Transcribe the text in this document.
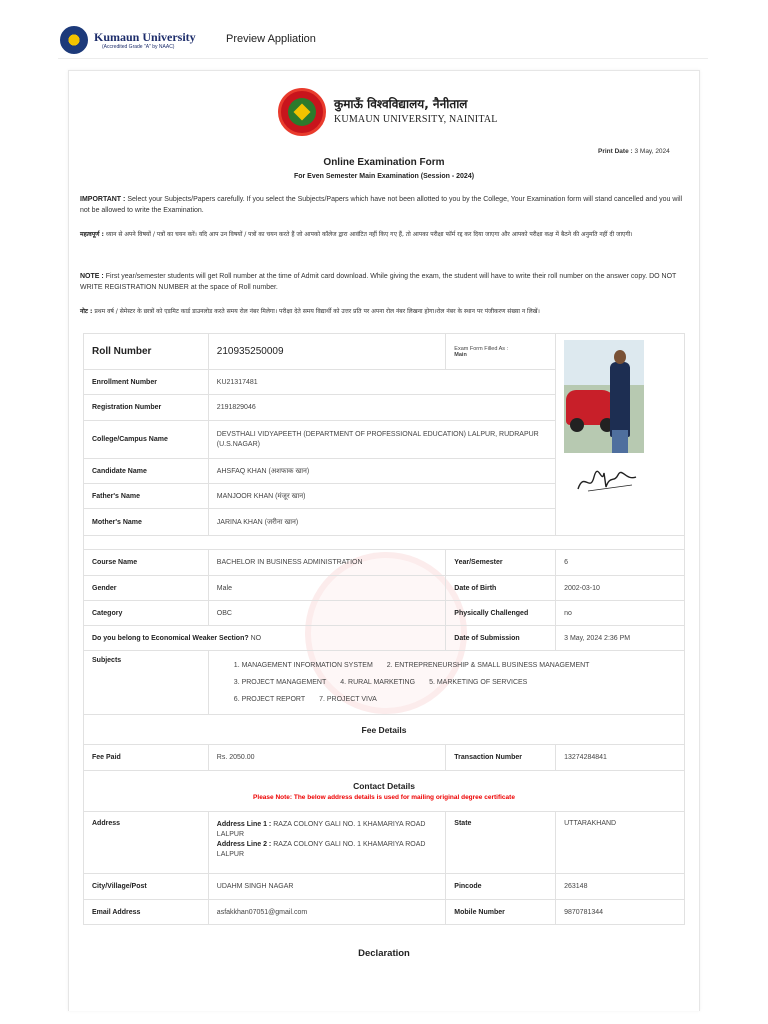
Kumaun University
(Accredited Grade "A" by NAAC)
Preview Appliation
कुमाऊँ विश्वविद्यालय, नैनीताल
KUMAUN UNIVERSITY, NAINITAL
Print Date : 3 May, 2024
Online Examination Form
For Even Semester Main Examination (Session - 2024)
IMPORTANT : Select your Subjects/Papers carefully. If you select the Subjects/Papers which have not been allotted to you by the College, Your Examination form will stand cancelled and you will not be allowed to write the Examination.
महत्वपूर्ण : ध्यान से अपने विषयों / पत्रों का चयन करें। यदि आप उन विषयों / पत्रों का चयन करते हैं जो आपको कॉलेज द्वारा आवंटित नहीं किए गए हैं, तो आपका परीक्षा फॉर्म रद्द कर दिया जाएगा और आपको परीक्षा कक्ष में बैठने की अनुमति नहीं दी जाएगी।
NOTE : First year/semester students will get Roll number at the time of Admit card download. While giving the exam, the student will have to write their roll number on the answer copy. DO NOT WRITE REGISTRATION NUMBER at the space of Roll number.
नोट : प्रथम वर्ष / सेमेस्टर के छात्रों को एडमिट कार्ड डाउनलोड करते समय रोल नंबर मिलेगा। परीक्षा देते समय विद्यार्थी को उत्तर प्रति पर अपना रोल नंबर लिखना होगा।रोल नंबर के स्थान पर पंजीकरण संख्या न लिखें।
Roll Number	210935250009	Exam Form Filled As :
Main

Enrollment Number	KU21317481		
Registration Number	2191829046		
College/Campus Name	DEVSTHALI VIDYAPEETH (DEPARTMENT OF PROFESSIONAL EDUCATION) LALPUR, RUDRAPUR (U.S.NAGAR)		
Candidate Name	AHSFAQ KHAN (अशफाक खान)		
Father's Name	MANJOOR KHAN (मंजूर खान)		
Mother's Name	JARINA KHAN (जरीना खान)		

Course Name	BACHELOR IN BUSINESS ADMINISTRATION	Year/Semester	6
Gender	Male	Date of Birth	2002-03-10
Category	OBC	Physically Challenged	no
Do you belong to Economical Weaker Section? NO		Date of Submission	3 May, 2024 2:36 PM
Subjects	1. MANAGEMENT INFORMATION SYSTEM 2. ENTREPRENEURSHIP & SMALL BUSINESS MANAGEMENT
3. PROJECT MANAGEMENT 4. RURAL MARKETING 5. MARKETING OF SERVICES
6. PROJECT REPORT 7. PROJECT VIVA		
Fee Details			
Fee Paid	Rs. 2050.00	Transaction Number	13274284841

Contact Details
Please Note: The below address details is used for mailing original degree certificate			

Address	Address Line 1 : RAZA COLONY GALI NO. 1 KHAMARIYA ROAD LALPUR
Address Line 2 : RAZA COLONY GALI NO. 1 KHAMARIYA ROAD LALPUR	State	UTTARAKHAND
City/Village/Post	UDAHM SINGH NAGAR	Pincode	263148
Email Address	asfakkhan07051@gmail.com	Mobile Number	9870781344
Declaration
